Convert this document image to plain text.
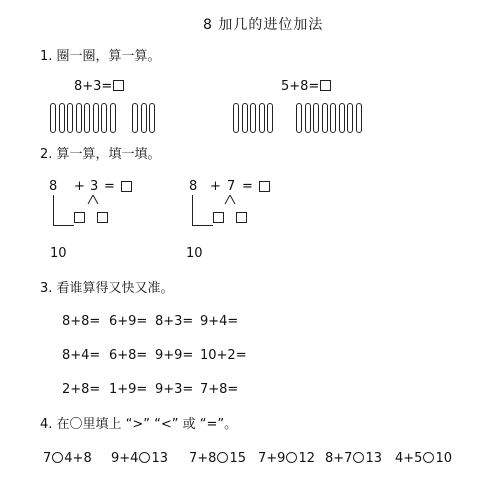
8 加几的进位加法
1. 圈一圈，算一算。
8+3=	5+8=
2. 算一算，填一填。
8 + 3 =
10
8 + 7 =
10
3. 看谁算得又快又准。
4. 在〇里填上 “>” “<” 或 “=”。
7 4+8 9+4 13 7+8 15 7+9 12 8+7 13 4+5 10
8+8= 6+9= 8+3= 9+4=
8+4= 6+8= 9+9= 10+2=
2+8= 1+9= 9+3= 7+8=
